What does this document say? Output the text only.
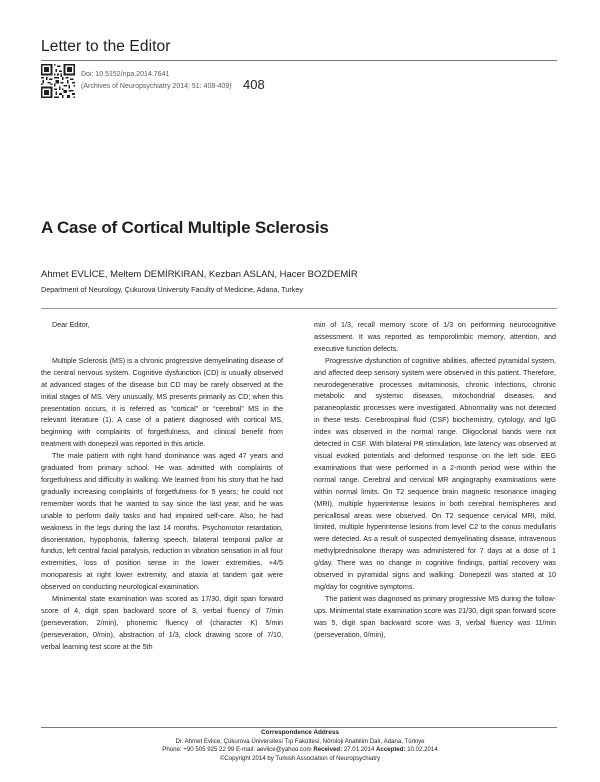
Letter to the Editor
Doi: 10.5152/npa.2014.7641
(Archives of Neuropsychiatry 2014; 51: 408-409) 408
A Case of Cortical Multiple Sclerosis
Ahmet EVLİCE, Meltem DEMİRKIRAN, Kezban ASLAN, Hacer BOZDEMİR
Department of Neurology, Çukurova University Faculty of Medicine, Adana, Turkey

Dear Editor,

Multiple Sclerosis (MS) is a chronic progressive demyelinating disease of the central nervous system. Cognitive dysfunction (CD) is usually observed at advanced stages of the disease but CD may be rarely observed at the initial stages of MS. Very unusually, MS presents primarily as CD; when this presentation occurs, it is referred as “cortical” or “cerebral” MS in the relevant literature (1). A case of a patient diagnosed with cortical MS, beginning with complaints of forgetfulness, and clinical benefit from treatment with donepezil was reported in this article.

The male patient with right hand dominance was aged 47 years and graduated from primary school. He was admitted with complaints of forgetfulness and difficulty in walking. We learned from his story that he had gradually increasing complaints of forgetfulness for 5 years; he could not remember words that he wanted to say since the last year, and he was unable to perform daily tasks and had impaired self-care. Also, he had weakness in the legs during the last 14 months. Psychomotor retardation, disorientation, hypophonia, faltering speech, bilateral temporal pallor at fundus, left central facial paralysis, reduction in vibration sensation in all four extremities, loss of position sense in the lower extremities, +4/5 monoparesis at right lower extremity, and ataxia at tandem gait were observed on conducting neurological examination.

Minimental state examination was scored as 17/30, digit span forward score of 4, digit span backward score of 3, verbal fluency of 7/min (perseveration, 2/min), phonemic fluency of (character K) 5/min (perseveration, 0/min), abstraction of 1/3, clock drawing score of 7/10, verbal learning test score at the 5th

min of 1/3, recall memory score of 1/3 on performing neurocognitive assessment. It was reported as temporolimbic memory, attention, and executive function defects.

Progressive dysfunction of cognitive abilities, affected pyramidal system, and affected deep sensory system were observed in this patient. Therefore, neurodegenerative processes avitaminosis, chronic infections, chronic metabolic and systemic diseases, mitochondrial diseases, and paraneoplastic processes were investigated. Abnormality was not detected in these tests. Cerebrospinal fluid (CSF) biochemistry, cytology, and IgG index was observed in the normal range. Oligoclonal bands were not detected in CSF. With bilateral PR stimulation, late latency was observed at visual evoked potentials and deformed response on the left side. EEG examinations that were performed in a 2-month period were within the normal range. Cerebral and cervical MR angiography examinations were within normal limits. On T2 sequence brain magnetic resonance imaging (MRI), multiple hyperintense lesions in both cerebral hemispheres and pericallosal areas were observed. On T2 sequence cervical MRI, mild, limited, multiple hyperintense lesions from level C2 to the conus medullaris were detected. As a result of suspected demyelinating disease, intravenous methylprednisolone therapy was administered for 7 days at a dose of 1 g/day. There was no change in cognitive findings, partial recovery was observed in pyramidal signs and walking. Donepezil was started at 10 mg/day for cognitive symptoms.

The patient was diagnosed as primary progressive MS during the follow-ups. Minimental state examination score was 21/30, digit span forward score was 5, digit span backward score was 3, verbal fluency was 11/min (perseveration, 0/min),

Correspondence Address
Dr. Ahmet Evlice, Çukurova Üniversitesi Tıp Fakültesi, Nöroloji Anabilim Dalı, Adana, Türkiye
Phone: +90 505 925 22 99 E-mail: aevlice@yahoo.com Received: 27.01.2014 Accepted: 10.02.2014
©Copyright 2014 by Turkish Association of Neuropsychiatry
